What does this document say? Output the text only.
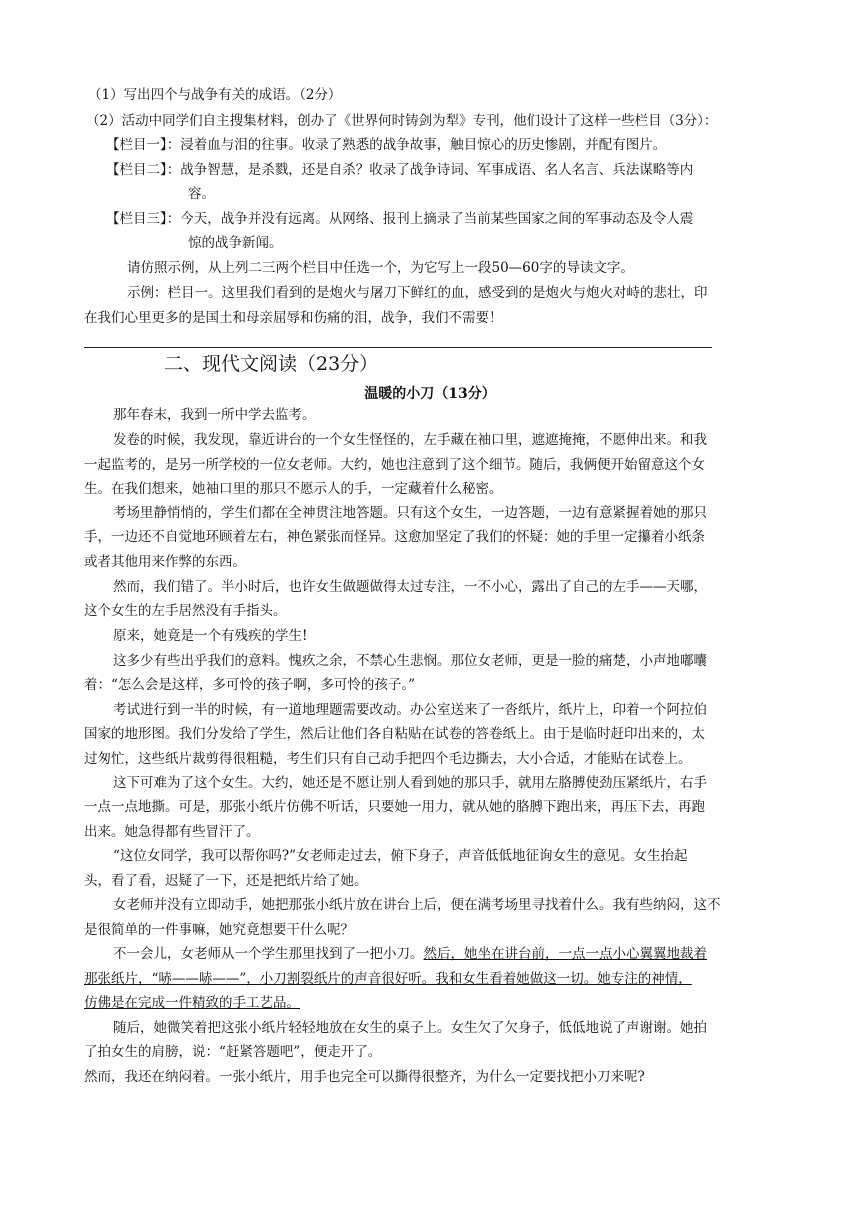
（1）写出四个与战争有关的成语。（2分）
（2）活动中同学们自主搜集材料，创办了《世界何时铸剑为犁》专刊，他们设计了这样一些栏目（3分）：
【栏目一】：浸着血与泪的往事。收录了熟悉的战争故事，触目惊心的历史惨剧，并配有图片。
【栏目二】：战争智慧，是杀戮，还是自杀？收录了战争诗词、军事成语、名人名言、兵法谋略等内
容。
【栏目三】：今天，战争并没有远离。从网络、报刊上摘录了当前某些国家之间的军事动态及令人震
惊的战争新闻。
请仿照示例，从上列二三两个栏目中任选一个，为它写上一段50—60字的导读文字。
示例：栏目一。这里我们看到的是炮火与屠刀下鲜红的血，感受到的是炮火与炮火对峙的悲壮，印
在我们心里更多的是国土和母亲屈辱和伤痛的泪，战争，我们不需要！
二、现代文阅读（23分）
温暖的小刀（13分）
那年春末，我到一所中学去监考。
发卷的时候，我发现，靠近讲台的一个女生怪怪的，左手藏在袖口里，遮遮掩掩，不愿伸出来。和我
一起监考的，是另一所学校的一位女老师。大约，她也注意到了这个细节。随后，我俩便开始留意这个女
生。在我们想来，她袖口里的那只不愿示人的手，一定藏着什么秘密。
考场里静悄悄的，学生们都在全神贯注地答题。只有这个女生，一边答题，一边有意紧握着她的那只
手，一边还不自觉地环顾着左右，神色紧张而怪异。这愈加坚定了我们的怀疑：她的手里一定攥着小纸条
或者其他用来作弊的东西。
然而，我们错了。半小时后，也许女生做题做得太过专注，一不小心，露出了自己的左手——天哪，
这个女生的左手居然没有手指头。
原来，她竟是一个有残疾的学生!
这多少有些出乎我们的意料。愧疚之余，不禁心生悲悯。那位女老师，更是一脸的痛楚，小声地嘟囔
着：“怎么会是这样，多可怜的孩子啊，多可怜的孩子。”
考试进行到一半的时候，有一道地理题需要改动。办公室送来了一沓纸片，纸片上，印着一个阿拉伯
国家的地形图。我们分发给了学生，然后让他们各自粘贴在试卷的答卷纸上。由于是临时赶印出来的，太
过匆忙，这些纸片裁剪得很粗糙，考生们只有自己动手把四个毛边撕去，大小合适，才能贴在试卷上。
这下可难为了这个女生。大约，她还是不愿让别人看到她的那只手，就用左胳膊使劲压紧纸片，右手
一点一点地撕。可是，那张小纸片仿佛不听话，只要她一用力，就从她的胳膊下跑出来，再压下去，再跑
出来。她急得都有些冒汗了。
“这位女同学，我可以帮你吗?”女老师走过去，俯下身子，声音低低地征询女生的意见。女生抬起
头，看了看，迟疑了一下，还是把纸片给了她。
女老师并没有立即动手，她把那张小纸片放在讲台上后，便在满考场里寻找着什么。我有些纳闷，这不
是很简单的一件事嘛，她究竟想要干什么呢？
不一会儿，女老师从一个学生那里找到了一把小刀。然后，她坐在讲台前，一点一点小心翼翼地裁着
那张纸片，“哧——哧——”，小刀割裂纸片的声音很好听。我和女生看着她做这一切。她专注的神情，
仿佛是在完成一件精致的手工艺品。
随后，她微笑着把这张小纸片轻轻地放在女生的桌子上。女生欠了欠身子，低低地说了声谢谢。她拍
了拍女生的肩膀，说：“赶紧答题吧”，便走开了。
然而，我还在纳闷着。一张小纸片，用手也完全可以撕得很整齐，为什么一定要找把小刀来呢?
